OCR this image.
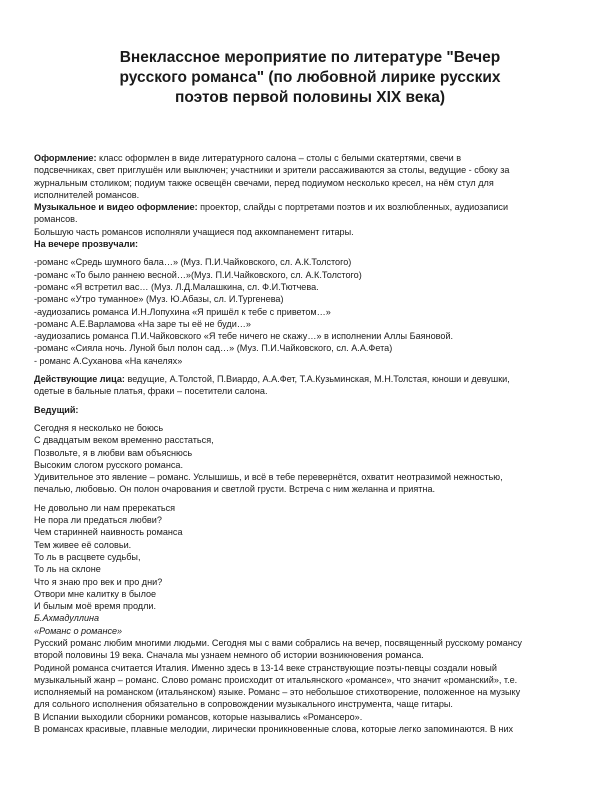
Внеклассное мероприятие по литературе "Вечер
русского романса" (по любовной лирике русских
поэтов первой половины XIX века)
Оформление: класс оформлен в виде литературного салона – столы с белыми скатертями, свечи в
подсвечниках, свет приглушён или выключен; участники и зрители рассаживаются за столы, ведущие - сбоку за
журнальным столиком; подиум также освещён свечами, перед подиумом несколько кресел, на нём стул для
исполнителей романсов.
Музыкальное и видео оформление: проектор, слайды с портретами поэтов и их возлюбленных, аудиозаписи
романсов.
Большую часть романсов исполняли учащиеся под аккомпанемент гитары.
На вечере прозвучали:
-романс «Средь шумного бала…» (Муз. П.И.Чайковского, сл. А.К.Толстого)
-романс «То было раннею весной…»(Муз. П.И.Чайковского, сл. А.К.Толстого)
-романс «Я встретил вас… (Муз. Л.Д.Малашкина, сл. Ф.И.Тютчева.
-романс «Утро туманное» (Муз. Ю.Абазы, сл. И.Тургенева)
-аудиозапись романса И.Н.Лопухина «Я пришёл к тебе с приветом…»
-романс А.Е.Варламова «На заре ты её не буди…»
-аудиозапись романса П.И.Чайковского «Я тебе ничего не скажу…» в исполнении Аллы Баяновой.
-романс «Сияла ночь. Луной был полон сад…» (Муз. П.И.Чайковского, сл. А.А.Фета)
- романс А.Суханова «На качелях»
Действующие лица: ведущие, А.Толстой, П.Виардо, А.А.Фет, Т.А.Кузьминская, М.Н.Толстая, юноши и девушки,
одетые в бальные платья, фраки – посетители салона.
Ведущий:
Сегодня я несколько не боюсь
С двадцатым веком временно расстаться,
Позвольте, я в любви вам объяснюсь
Высоким слогом русского романса.
Удивительное это явление – романс. Услышишь, и всё в тебе перевернётся, охватит неотразимой нежностью,
печалью, любовью. Он полон очарования и светлой грусти. Встреча с ним желанна и приятна.
Не довольно ли нам пререкаться
Не пора ли предаться любви?
Чем старинней наивность романса
Тем живее её соловьи.
То ль в расцвете судьбы,
То ль на склоне
Что я знаю про век и про дни?
Отвори мне калитку в былое
И былым моё время продли.
Б.Ахмадуллина
«Романс о романсе»
Русский романс любим многими людьми. Сегодня мы с вами собрались на вечер, посвященный русскому романсу
второй половины 19 века. Сначала мы узнаем немного об истории возникновения романса.
Родиной романса считается Италия. Именно здесь в 13-14 веке странствующие поэты-певцы создали новый
музыкальный жанр – романс. Слово романс происходит от итальянского «романсе», что значит «романский», т.е.
исполняемый на романском (итальянском) языке. Романс – это небольшое стихотворение, положенное на музыку
для сольного исполнения обязательно в сопровождении музыкального инструмента, чаще гитары.
В Испании выходили сборники романсов, которые назывались «Романсеро».
В романсах красивые, плавные мелодии, лирически проникновенные слова, которые легко запоминаются. В них
